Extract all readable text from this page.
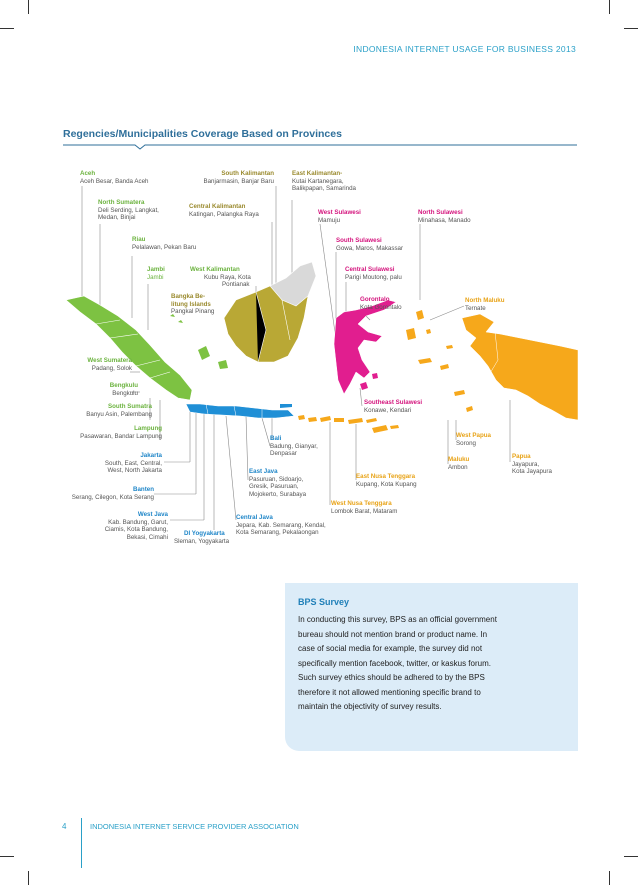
INDONESIA INTERNET USAGE FOR BUSINESS 2013
Regencies/Municipalities Coverage Based on Provinces
Aceh
Aceh Besar, Banda Aceh
North Sumatera
Deli Serding, Langkat,
Medan, Binjai
Riau
Pelalawan, Pekan Baru
Jambi
Jambi
West Sumatera
Padang, Solok
Bengkulu
Bengkulu
South Sumatra
Banyu Asin, Palembang
Lampung
Pasawaran, Bandar Lampung
Jakarta
South, East, Central,
West, North Jakarta
Banten
Serang, Cilegon, Kota Serang
West Java
Kab. Bandung, Garut,
Ciamis, Kota Bandung,
Bekasi, Cimahi
DI Yogyakarta
Sleman, Yogyakarta
Central Java
Jepara, Kab. Semarang, Kendal,
Kota Semarang, Pekalaongan
East Java
Pasuruan, Sidoarjo,
Gresik, Pasuruan,
Mojokerto, Surabaya
Bali
Badung, Gianyar,
Denpasar
West Nusa Tenggara
Lombok Barat, Mataram
East Nusa Tenggara
Kupang, Kota Kupang
South Kalimantan
Banjarmasin, Banjar Baru
East Kalimantan-
Kutai Kartanegara,
Balikpapan, Samarinda
Central Kalimantan
Katingan, Palangka Raya
West Kalimantan
Kubu Raya, Kota
Pontianak
Bangka Be-
litung Islands
Pangkal Pinang
West Sulawesi
Mamuju
North Sulawesi
Minahasa, Manado
South Sulawesi
Gowa, Maros, Makassar
Central Sulawesi
Parigi Moutong, palu
Gorontalo
Kota Gorontalo
North Maluku
Ternate
Southeast Sulawesi
Konawe, Kendari
West Papua
Sorong
Maluku
Ambon
Papua
Jayapura,
Kota Jayapura
BPS Survey
In conducting this survey, BPS as an official government
bureau should not mention brand or product name. In
case of social media for example, the survey did not
specifically mention facebook, twitter, or kaskus forum.
Such survey ethics should be adhered to by the BPS
therefore it not allowed mentioning specific brand to
maintain the objectivity of survey results.
4	INDONESIA INTERNET SERVICE PROVIDER ASSOCIATION
